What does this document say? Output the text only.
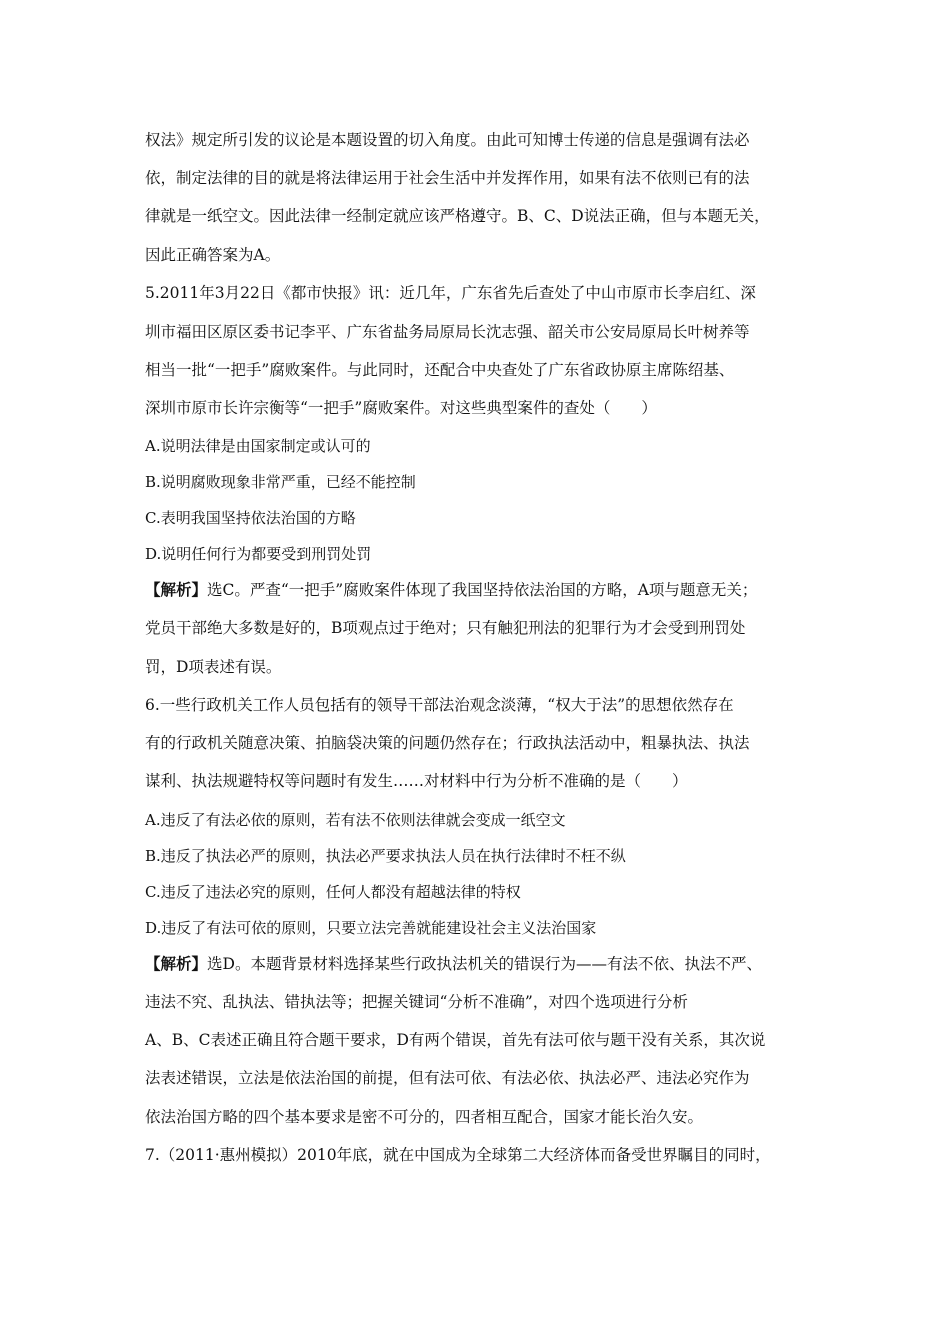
权法》规定所引发的议论是本题设置的切入角度。由此可知博士传递的信息是强调有法必
依，制定法律的目的就是将法律运用于社会生活中并发挥作用，如果有法不依则已有的法
律就是一纸空文。因此法律一经制定就应该严格遵守。B、C、D说法正确，但与本题无关，
因此正确答案为A。
5.2011年3月22日《都市快报》讯：近几年，广东省先后查处了中山市原市长李启红、深
圳市福田区原区委书记李平、广东省盐务局原局长沈志强、韶关市公安局原局长叶树养等
相当一批“一把手”腐败案件。与此同时，还配合中央查处了广东省政协原主席陈绍基、
深圳市原市长许宗衡等“一把手”腐败案件。对这些典型案件的查处（　　）
A.说明法律是由国家制定或认可的
B.说明腐败现象非常严重，已经不能控制
C.表明我国坚持依法治国的方略
D.说明任何行为都要受到刑罚处罚
【解析】选C。严查“一把手”腐败案件体现了我国坚持依法治国的方略，A项与题意无关；
党员干部绝大多数是好的，B项观点过于绝对；只有触犯刑法的犯罪行为才会受到刑罚处
罚，D项表述有误。
6.一些行政机关工作人员包括有的领导干部法治观念淡薄，“权大于法”的思想依然存在
有的行政机关随意决策、拍脑袋决策的问题仍然存在；行政执法活动中，粗暴执法、执法
谋利、执法规避特权等问题时有发生……对材料中行为分析不准确的是（　　）
A.违反了有法必依的原则，若有法不依则法律就会变成一纸空文
B.违反了执法必严的原则，执法必严要求执法人员在执行法律时不枉不纵
C.违反了违法必究的原则，任何人都没有超越法律的特权
D.违反了有法可依的原则，只要立法完善就能建设社会主义法治国家
【解析】选D。本题背景材料选择某些行政执法机关的错误行为——有法不依、执法不严、
违法不究、乱执法、错执法等；把握关键词“分析不准确”，对四个选项进行分析
A、B、C表述正确且符合题干要求，D有两个错误，首先有法可依与题干没有关系，其次说
法表述错误，立法是依法治国的前提，但有法可依、有法必依、执法必严、违法必究作为
依法治国方略的四个基本要求是密不可分的，四者相互配合，国家才能长治久安。
7.（2011·惠州模拟）2010年底，就在中国成为全球第二大经济体而备受世界瞩目的同时，
